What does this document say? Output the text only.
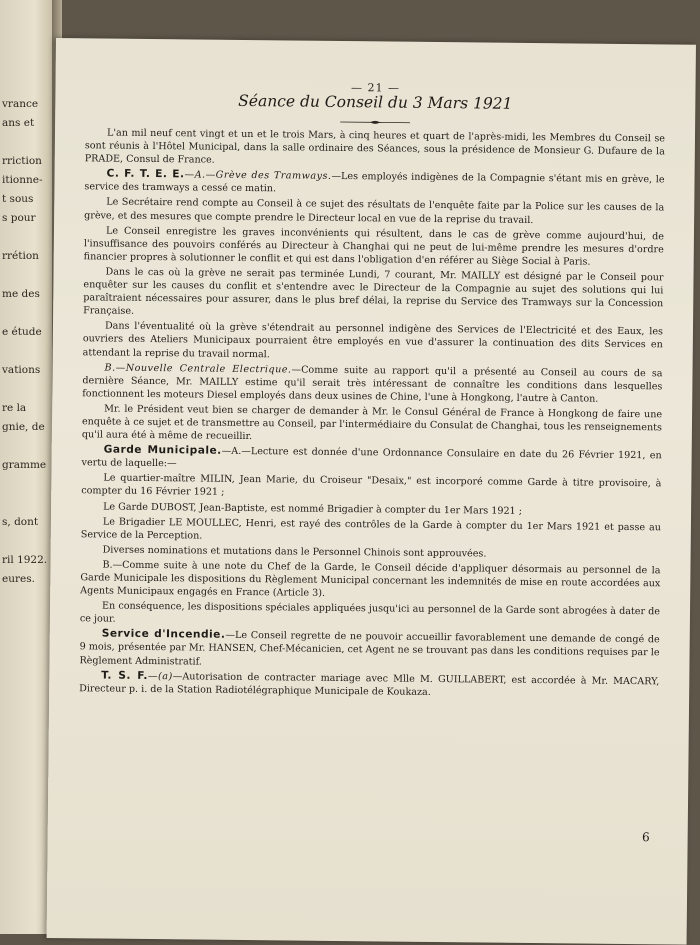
vrance
ans et
rriction
itionne-
t sous
s pour
rrétion
me des
e étude
vations
re la
gnie, de
gramme
s, dont
ril 1922.
eures.
— 21 —
Séance du Conseil du 3 Mars 1921

L'an mil neuf cent vingt et un et le trois Mars, à cinq heures et quart de l'après-midi, les Membres du Conseil se sont réunis à l'Hôtel Municipal, dans la salle ordinaire des Séances, sous la présidence de Monsieur G. Dufaure de la PRADE, Consul de France.

C. F. T. E. E.—A.—Grève des Tramways.—Les employés indigènes de la Compagnie s'étant mis en grève, le service des tramways a cessé ce matin.

Le Secrétaire rend compte au Conseil à ce sujet des résultats de l'enquête faite par la Police sur les causes de la grève, et des mesures que compte prendre le Directeur local en vue de la reprise du travail.

Le Conseil enregistre les graves inconvénients qui résultent, dans le cas de grève comme aujourd'hui, de l'insuffisance des pouvoirs conférés au Directeur à Changhai qui ne peut de lui-même prendre les mesures d'ordre financier propres à solutionner le conflit et qui est dans l'obligation d'en référer au Siège Social à Paris.

Dans le cas où la grève ne serait pas terminée Lundi, 7 courant, Mr. MAILLY est désigné par le Conseil pour enquêter sur les causes du conflit et s'entendre avec le Directeur de la Compagnie au sujet des solutions qui lui paraîtraient nécessaires pour assurer, dans le plus bref délai, la reprise du Service des Tramways sur la Concession Française.

Dans l'éventualité où la grève s'étendrait au personnel indigène des Services de l'Electricité et des Eaux, les ouvriers des Ateliers Municipaux pourraient être employés en vue d'assurer la continuation des dits Services en attendant la reprise du travail normal.

B.—Nouvelle Centrale Electrique.—Comme suite au rapport qu'il a présenté au Conseil au cours de sa dernière Séance, Mr. MAILLY estime qu'il serait très intéressant de connaître les conditions dans lesquelles fonctionnent les moteurs Diesel employés dans deux usines de Chine, l'une à Hongkong, l'autre à Canton.

Mr. le Président veut bien se charger de demander à Mr. le Consul Général de France à Hongkong de faire une enquête à ce sujet et de transmettre au Conseil, par l'intermédiaire du Consulat de Changhai, tous les renseignements qu'il aura été à même de recueillir.

Garde Municipale.—A.—Lecture est donnée d'une Ordonnance Consulaire en date du 26 Février 1921, en vertu de laquelle:—

Le quartier-maître MILIN, Jean Marie, du Croiseur "Desaix," est incorporé comme Garde à titre provisoire, à compter du 16 Février 1921 ;

Le Garde DUBOST, Jean-Baptiste, est nommé Brigadier à compter du 1er Mars 1921 ;

Le Brigadier LE MOULLEC, Henri, est rayé des contrôles de la Garde à compter du 1er Mars 1921 et passe au Service de la Perception.

Diverses nominations et mutations dans le Personnel Chinois sont approuvées.

B.—Comme suite à une note du Chef de la Garde, le Conseil décide d'appliquer désormais au personnel de la Garde Municipale les dispositions du Règlement Municipal concernant les indemnités de mise en route accordées aux Agents Municipaux engagés en France (Article 3).

En conséquence, les dispositions spéciales appliquées jusqu'ici au personnel de la Garde sont abrogées à dater de ce jour.

Service d'Incendie.—Le Conseil regrette de ne pouvoir accueillir favorablement une demande de congé de 9 mois, présentée par Mr. HANSEN, Chef-Mécanicien, cet Agent ne se trouvant pas dans les conditions requises par le Règlement Administratif.

T. S. F.—(a)—Autorisation de contracter mariage avec Mlle M. GUILLABERT, est accordée à Mr. MACARY, Directeur p. i. de la Station Radiotélégraphique Municipale de Koukaza.

6
